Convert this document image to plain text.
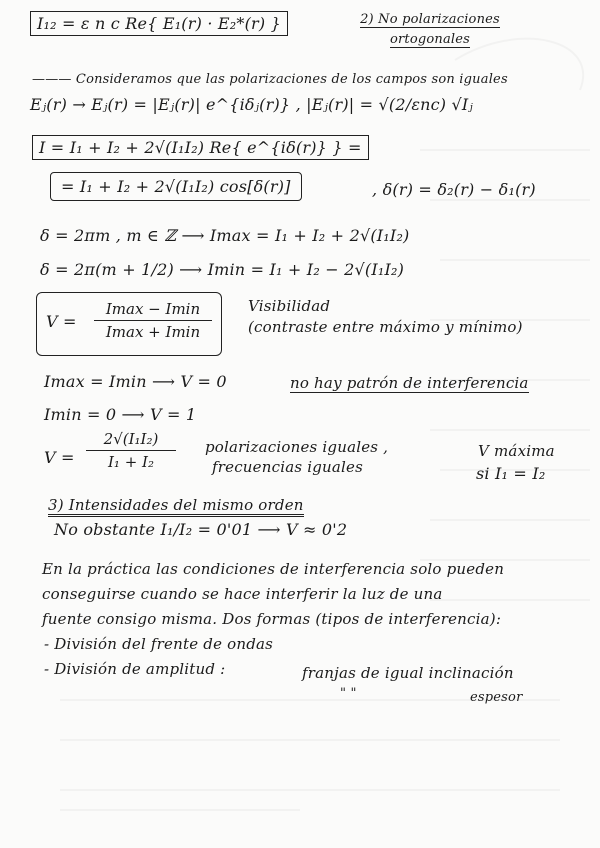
I₁₂ = ε n c Re{ E₁(r) · E₂*(r) }	2) No polarizaciones ortogonales
——— Consideramos que las polarizaciones de los campos son iguales
Eⱼ(r) → Eⱼ(r) = |Eⱼ(r)| e^{iδⱼ(r)} , |Eⱼ(r)| = √(2/εnc) √Iⱼ
I = I₁ + I₂ + 2√(I₁I₂) Re{ e^{iδ(r)} } =
= I₁ + I₂ + 2√(I₁I₂) cos[δ(r)]	, δ(r) = δ₂(r) − δ₁(r)
δ = 2πm , m ∈ ℤ ⟶ Imax = I₁ + I₂ + 2√(I₁I₂)
δ = 2π(m + 1/2) ⟶ Imin = I₁ + I₂ − 2√(I₁I₂)
V =
Imax − Imin
Imax + Imin
Visibilidad
(contraste entre máximo y mínimo)
Imax = Imin ⟶ V = 0	no hay patrón de interferencia
Imin = 0 ⟶ V = 1
V =
2√(I₁I₂)
I₁ + I₂
polarizaciones iguales ,
frecuencias iguales
V máxima
si I₁ = I₂
3) Intensidades del mismo orden
No obstante I₁/I₂ = 0'01 ⟶ V ≈ 0'2
En la práctica las condiciones de interferencia solo pueden
conseguirse cuando se hace interferir la luz de una
fuente consigo misma. Dos formas (tipos de interferencia):
- División del frente de ondas
- División de amplitud :	franjas de igual inclinación
" "	espesor
